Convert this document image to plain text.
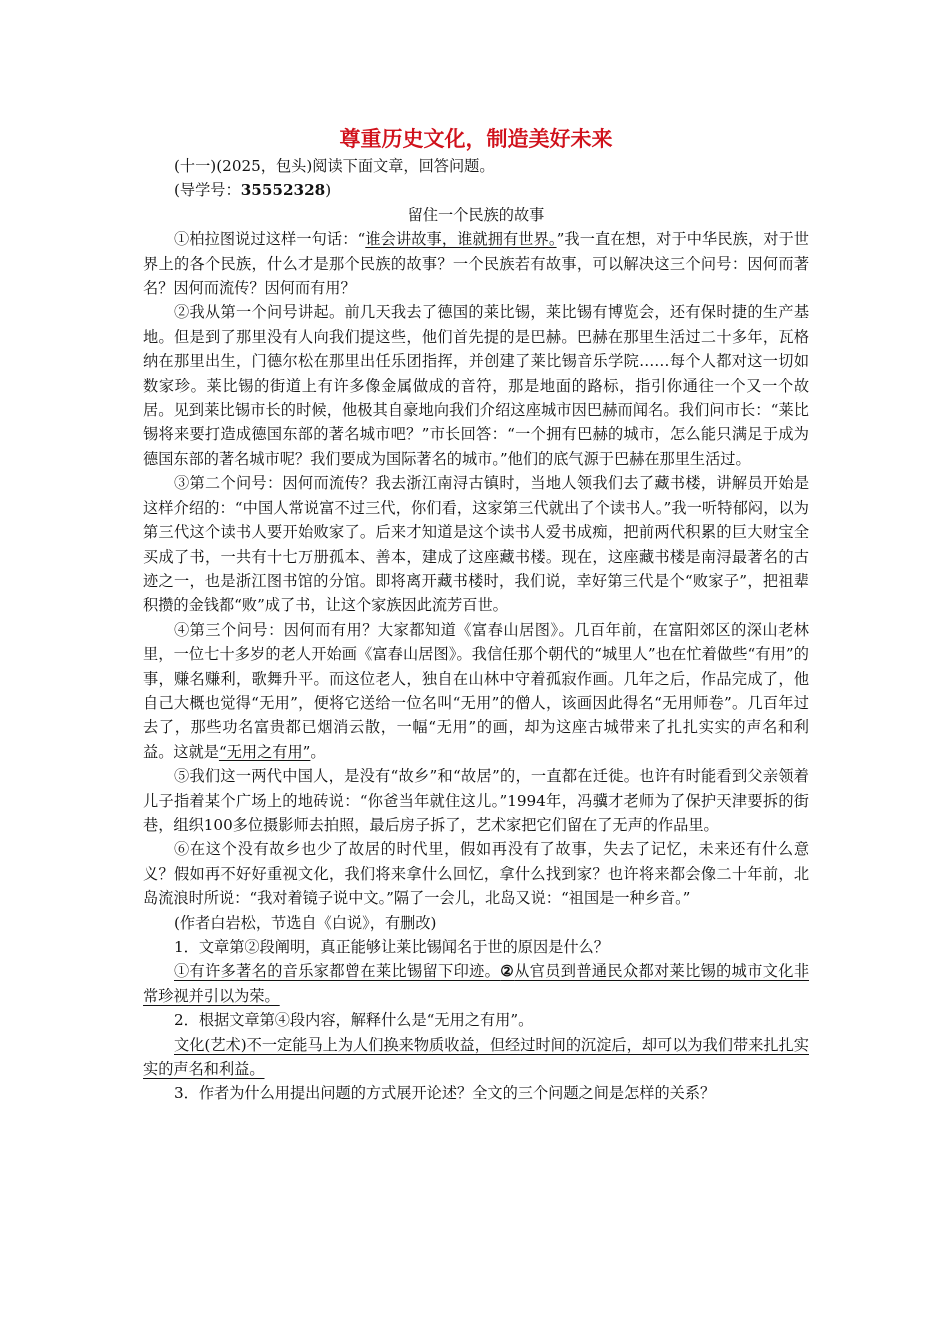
尊重历史文化，制造美好未来

(十一)(2025，包头)阅读下面文章，回答问题。

(导学号：35552328)

留住一个民族的故事

①柏拉图说过这样一句话：“谁会讲故事，谁就拥有世界。”我一直在想，对于中华民族，对于世界上的各个民族，什么才是那个民族的故事？一个民族若有故事，可以解决这三个问号：因何而著名？因何而流传？因何而有用？

②我从第一个问号讲起。前几天我去了德国的莱比锡，莱比锡有博览会，还有保时捷的生产基地。但是到了那里没有人向我们提这些，他们首先提的是巴赫。巴赫在那里生活过二十多年，瓦格纳在那里出生，门德尔松在那里出任乐团指挥，并创建了莱比锡音乐学院……每个人都对这一切如数家珍。莱比锡的街道上有许多像金属做成的音符，那是地面的路标，指引你通往一个又一个故居。见到莱比锡市长的时候，他极其自豪地向我们介绍这座城市因巴赫而闻名。我们问市长：“莱比锡将来要打造成德国东部的著名城市吧？”市长回答：“一个拥有巴赫的城市，怎么能只满足于成为德国东部的著名城市呢？我们要成为国际著名的城市。”他们的底气源于巴赫在那里生活过。

③第二个问号：因何而流传？我去浙江南浔古镇时，当地人领我们去了藏书楼，讲解员开始是这样介绍的：“中国人常说富不过三代，你们看，这家第三代就出了个读书人。”我一听特郁闷，以为第三代这个读书人要开始败家了。后来才知道是这个读书人爱书成痴，把前两代积累的巨大财宝全买成了书，一共有十七万册孤本、善本，建成了这座藏书楼。现在，这座藏书楼是南浔最著名的古迹之一，也是浙江图书馆的分馆。即将离开藏书楼时，我们说，幸好第三代是个“败家子”，把祖辈积攒的金钱都“败”成了书，让这个家族因此流芳百世。

④第三个问号：因何而有用？大家都知道《富春山居图》。几百年前，在富阳郊区的深山老林里，一位七十多岁的老人开始画《富春山居图》。我信任那个朝代的“城里人”也在忙着做些“有用”的事，赚名赚利，歌舞升平。而这位老人，独自在山林中守着孤寂作画。几年之后，作品完成了，他自己大概也觉得“无用”，便将它送给一位名叫“无用”的僧人，该画因此得名“无用师卷”。几百年过去了，那些功名富贵都已烟消云散，一幅“无用”的画，却为这座古城带来了扎扎实实的声名和利益。这就是“无用之有用”。

⑤我们这一两代中国人，是没有“故乡”和“故居”的，一直都在迁徙。也许有时能看到父亲领着儿子指着某个广场上的地砖说：“你爸当年就住这儿。”1994年，冯骥才老师为了保护天津要拆的街巷，组织100多位摄影师去拍照，最后房子拆了，艺术家把它们留在了无声的作品里。

⑥在这个没有故乡也少了故居的时代里，假如再没有了故事，失去了记忆，未来还有什么意义？假如再不好好重视文化，我们将来拿什么回忆，拿什么找到家？也许将来都会像二十年前，北岛流浪时所说：“我对着镜子说中文。”隔了一会儿，北岛又说：“祖国是一种乡音。”

(作者白岩松，节选自《白说》，有删改)

1．文章第②段阐明，真正能够让莱比锡闻名于世的原因是什么？

①有许多著名的音乐家都曾在莱比锡留下印迹。②从官员到普通民众都对莱比锡的城市文化非常珍视并引以为荣。

2．根据文章第④段内容，解释什么是“无用之有用”。

文化(艺术)不一定能马上为人们换来物质收益，但经过时间的沉淀后，却可以为我们带来扎扎实实的声名和利益。

3．作者为什么用提出问题的方式展开论述？全文的三个问题之间是怎样的关系？
